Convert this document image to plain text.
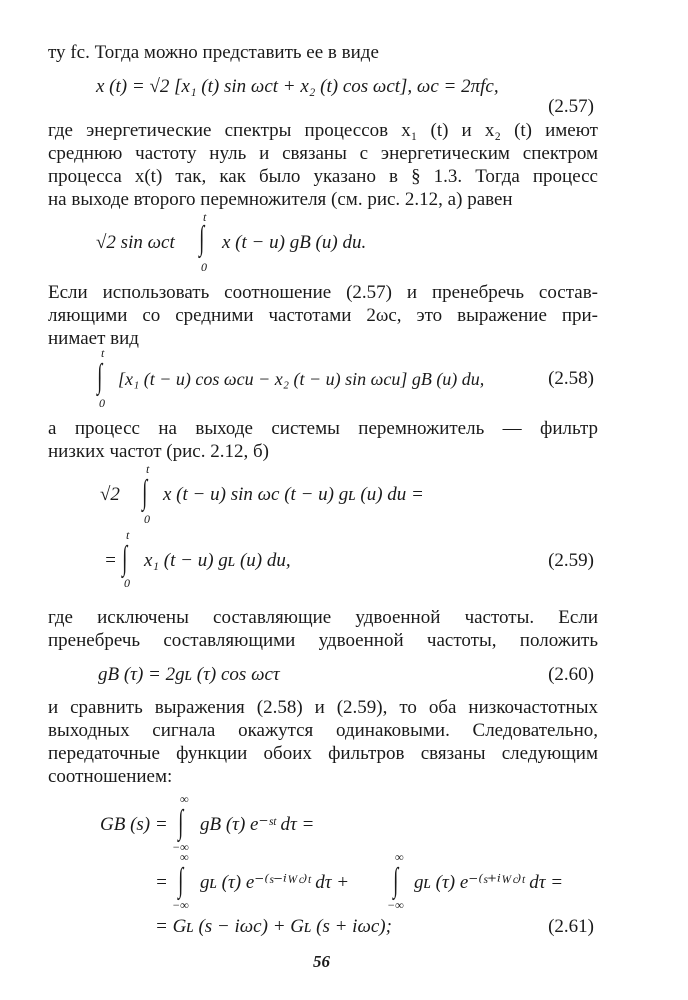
ту fс. Тогда можно представить ее в виде
x (t) = √2 [x₁ (t) sin ωсt + x₂ (t) cos ωсt], ωс = 2πfс,
(2.57)
где энергетические спектры процессов x₁ (t) и x₂ (t) имеют
среднюю частоту нуль и связаны с энергетическим спектром
процесса x(t) так, как было указано в § 1.3. Тогда процесс
на выходе второго перемножителя (см. рис. 2.12, а) равен
√2 sin ωсt ∫
t
0
x (t − u) gΒ (u) du.
Если использовать соотношение (2.57) и пренебречь состав-
ляющими со средними частотами 2ωс, это выражение при-
нимает вид
∫
t
0
[x₁ (t − u) cos ωсu − x₂ (t − u) sin ωсu] gΒ (u) du,	(2.58)
а процесс на выходе системы перемножитель — фильтр
низких частот (рис. 2.12, б)
√2 ∫
t
0
x (t − u) sin ωс (t − u) gʟ (u) du =
= ∫
t
0
x₁ (t − u) gʟ (u) du,	(2.59)
где исключены составляющие удвоенной частоты. Если
пренебречь составляющими удвоенной частоты, положить
gΒ (τ) = 2gʟ (τ) cos ωсτ	(2.60)
и сравнить выражения (2.58) и (2.59), то оба низкочастотных
выходных сигнала окажутся одинаковыми. Следовательно,
передаточные функции обоих фильтров связаны следующим
соотношением:
GΒ (s) = ∫
∞
−∞
gΒ (τ) e⁻ˢᵗ dτ =
= ∫
∞
−∞
gʟ (τ) e⁻⁽ˢ⁻ⁱᵂᶜ⁾ᵗ dτ + ∫
∞
−∞
gʟ (τ) e⁻⁽ˢ⁺ⁱᵂᶜ⁾ᵗ dτ =
= Gʟ (s − iωс) + Gʟ (s + iωс);	(2.61)
56
